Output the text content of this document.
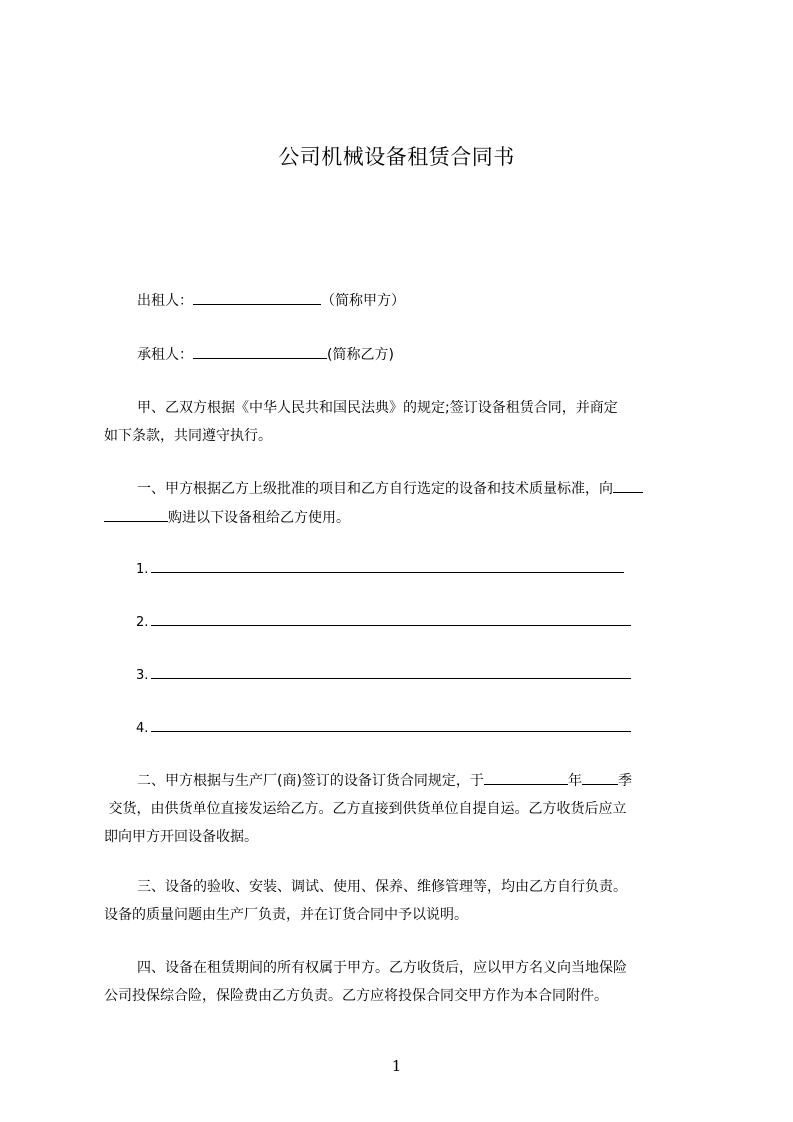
公司机械设备租赁合同书
出租人：	（简称甲方）
承租人：	(简称乙方)
甲、乙双方根据《中华人民共和国民法典》的规定;签订设备租赁合同，并商定
如下条款，共同遵守执行。
一、甲方根据乙方上级批准的项目和乙方自行选定的设备和技术质量标准，向
购进以下设备租给乙方使用。
1.
2.
3.
4.
二、甲方根据与生产厂(商)签订的设备订货合同规定，于	年	季
交货，由供货单位直接发运给乙方。乙方直接到供货单位自提自运。乙方收货后应立
即向甲方开回设备收据。
三、设备的验收、安装、调试、使用、保养、维修管理等，均由乙方自行负责。
设备的质量问题由生产厂负责，并在订货合同中予以说明。
四、设备在租赁期间的所有权属于甲方。乙方收货后，应以甲方名义向当地保险
公司投保综合险，保险费由乙方负责。乙方应将投保合同交甲方作为本合同附件。
1
